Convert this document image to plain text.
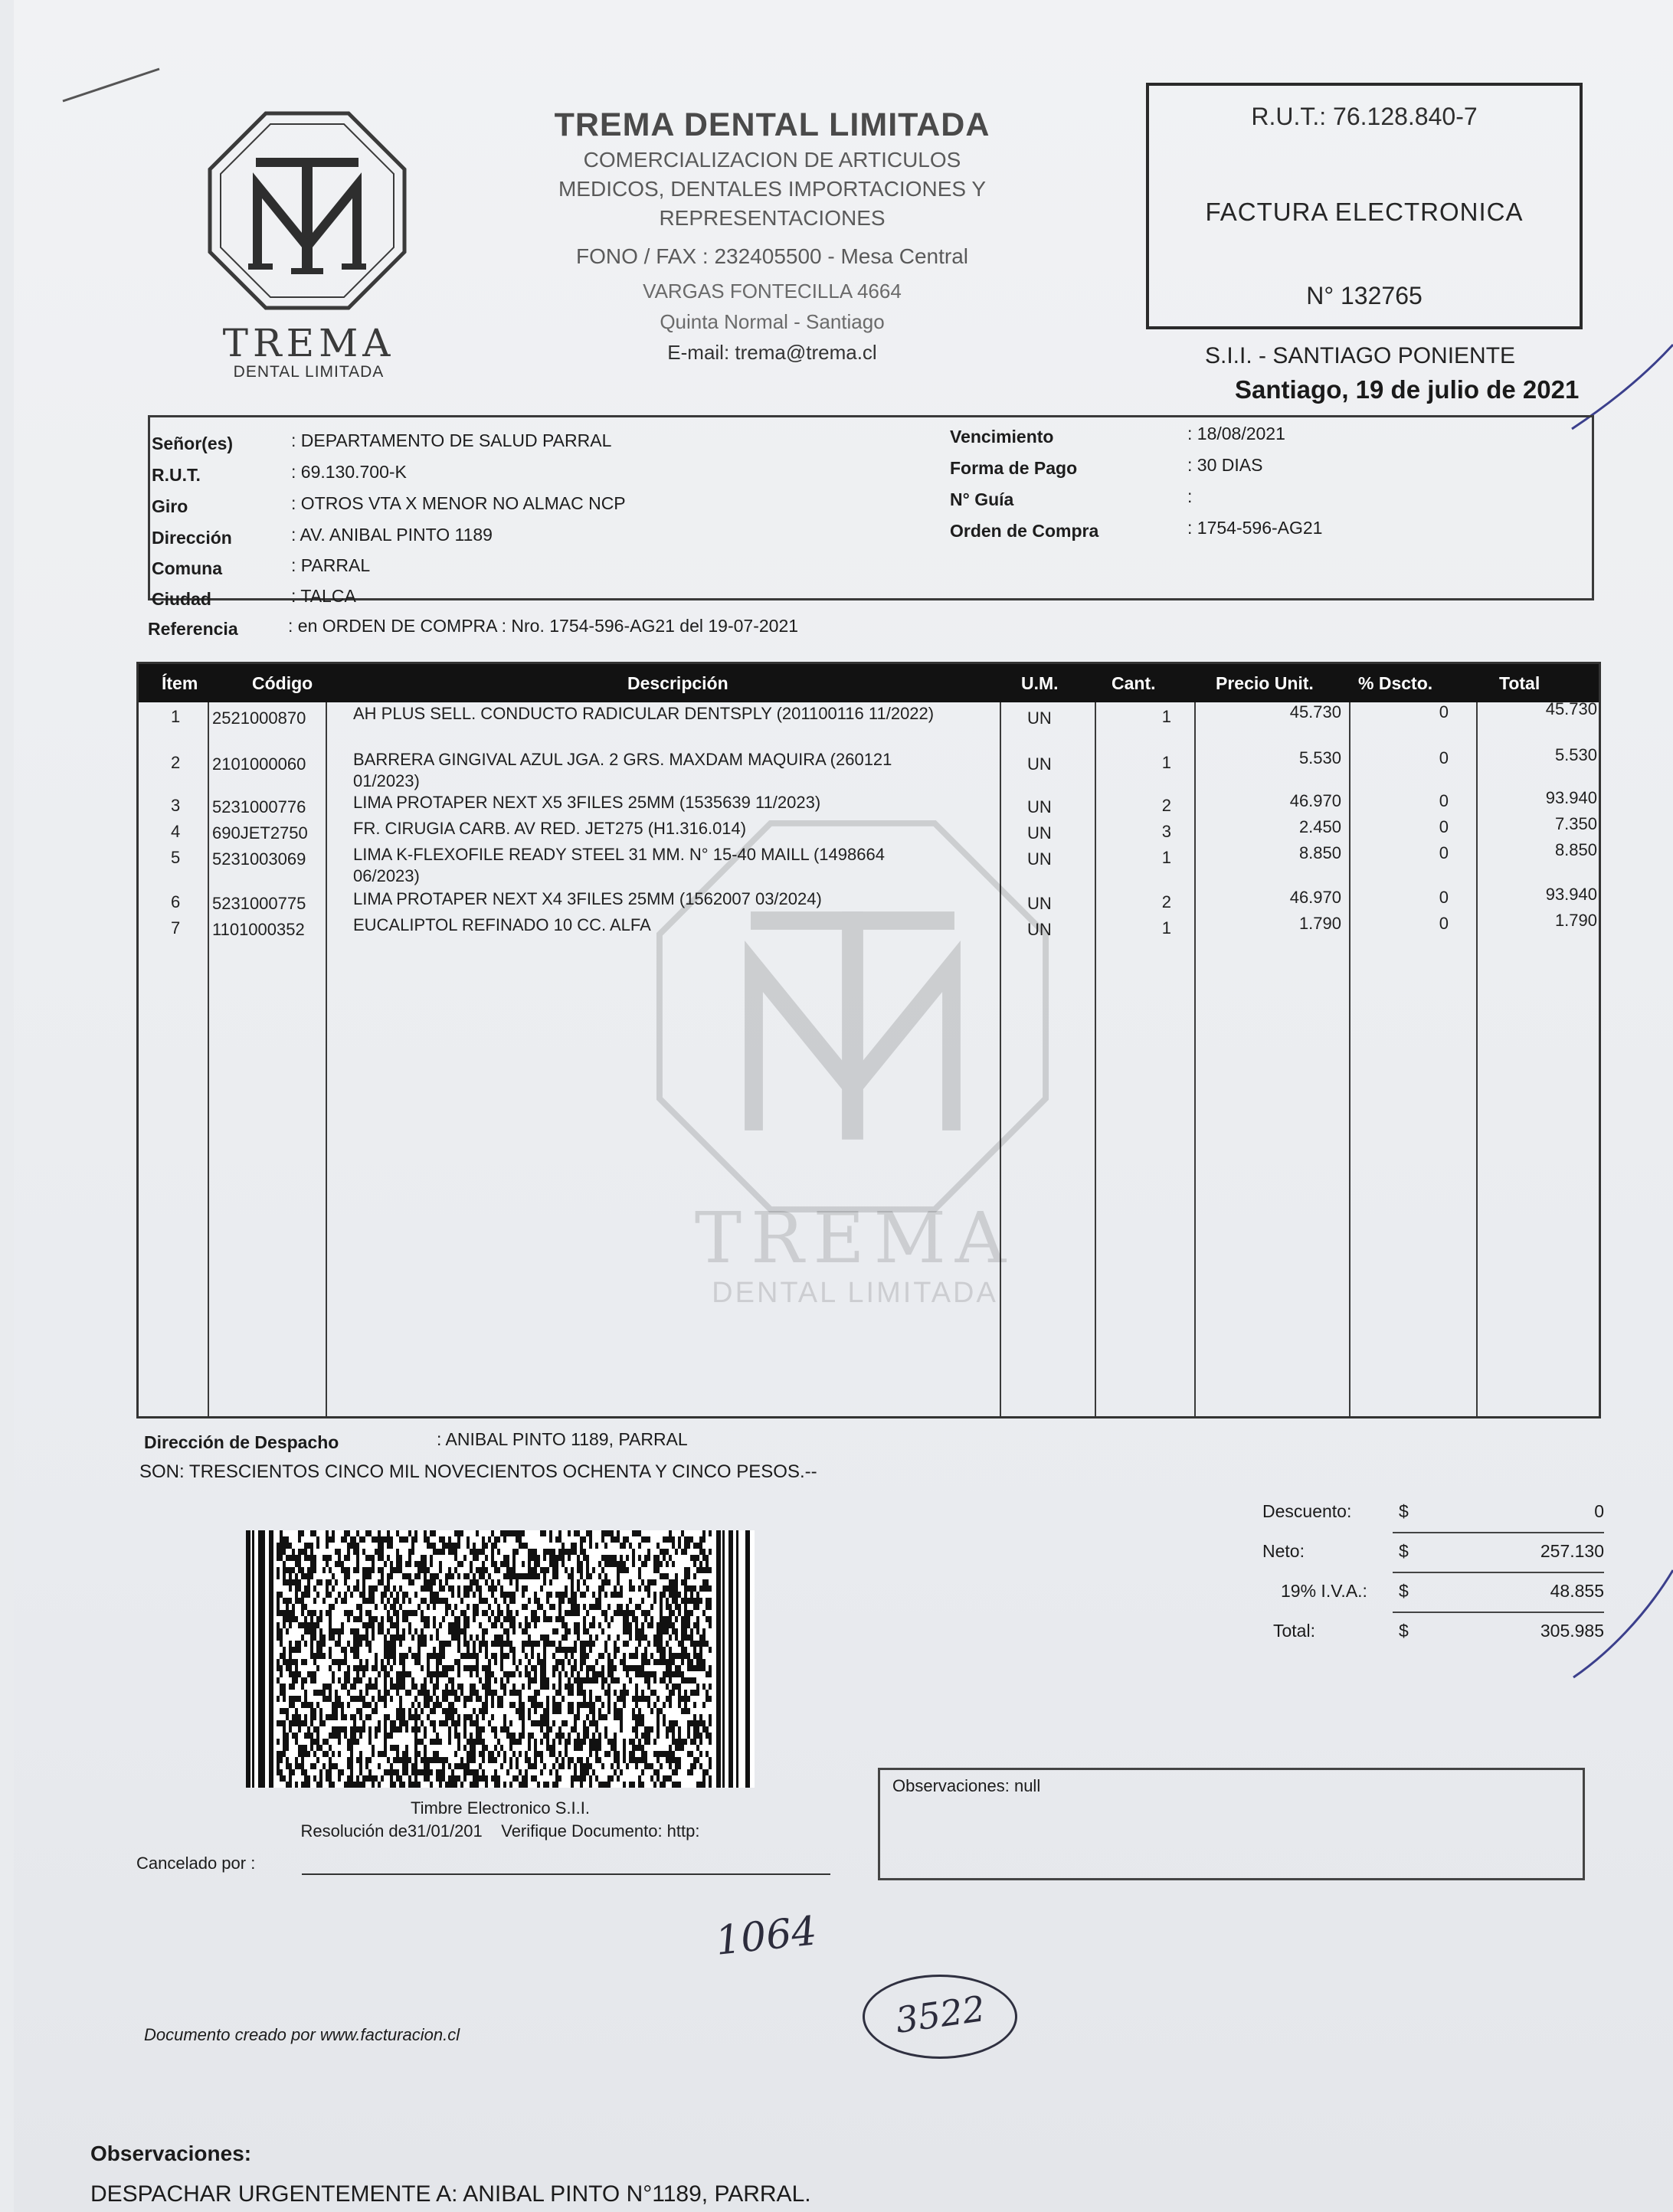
TREMA
DENTAL LIMITADA
TREMA DENTAL LIMITADA
COMERCIALIZACION DE ARTICULOS
MEDICOS, DENTALES IMPORTACIONES Y
REPRESENTACIONES
FONO / FAX : 232405500 - Mesa Central
VARGAS FONTECILLA 4664
Quinta Normal - Santiago
E-mail: trema@trema.cl
R.U.T.: 76.128.840-7
FACTURA ELECTRONICA
N° 132765
S.I.I. - SANTIAGO PONIENTE
Santiago, 19 de julio de 2021
Señor(es)	: DEPARTAMENTO DE SALUD PARRAL
R.U.T.	: 69.130.700-K
Giro	: OTROS VTA X MENOR NO ALMAC NCP
Dirección	: AV. ANIBAL PINTO 1189
Comuna	: PARRAL
Ciudad	: TALCA
Vencimiento	: 18/08/2021
Forma de Pago	: 30 DIAS
N° Guía	:
Orden de Compra	: 1754-596-AG21
Referencia	: en ORDEN DE COMPRA : Nro. 1754-596-AG21 del 19-07-2021
Ítem	Código	Descripción	U.M.	Cant.	Precio Unit.	% Dscto.	Total
TREMA
DENTAL LIMITADA
1	2521000870	AH PLUS SELL. CONDUCTO RADICULAR DENTSPLY (201100116 11/2022)	UN	1	45.730	0	45.730
2	2101000060	BARRERA GINGIVAL AZUL JGA. 2 GRS. MAXDAM MAQUIRA (260121	UN	1	5.530	0	5.530
01/2023)
3	5231000776	LIMA PROTAPER NEXT X5 3FILES 25MM (1535639 11/2023)	UN	2	46.970	0	93.940
4	690JET2750	FR. CIRUGIA CARB. AV RED. JET275 (H1.316.014)	UN	3	2.450	0	7.350
5	5231003069	LIMA K-FLEXOFILE READY STEEL 31 MM. N° 15-40 MAILL (1498664	UN	1	8.850	0	8.850
06/2023)
6	5231000775	LIMA PROTAPER NEXT X4 3FILES 25MM (1562007 03/2024)	UN	2	46.970	0	93.940
7	1101000352	EUCALIPTOL REFINADO 10 CC. ALFA	UN	1	1.790	0	1.790
Dirección de Despacho	: ANIBAL PINTO 1189, PARRAL
SON: TRESCIENTOS CINCO MIL NOVECIENTOS OCHENTA Y CINCO PESOS.--
Descuento:	$	0
Neto:	$	257.130
19% I.V.A.: $	48.855
Total:	$	305.985
Timbre Electronico S.I.I.
Resolución de31/01/201    Verifique Documento: http:
Cancelado por :
Observaciones: null
1064
3522
Documento creado por www.facturacion.cl
Observaciones:
DESPACHAR URGENTEMENTE A: ANIBAL PINTO N°1189, PARRAL.
